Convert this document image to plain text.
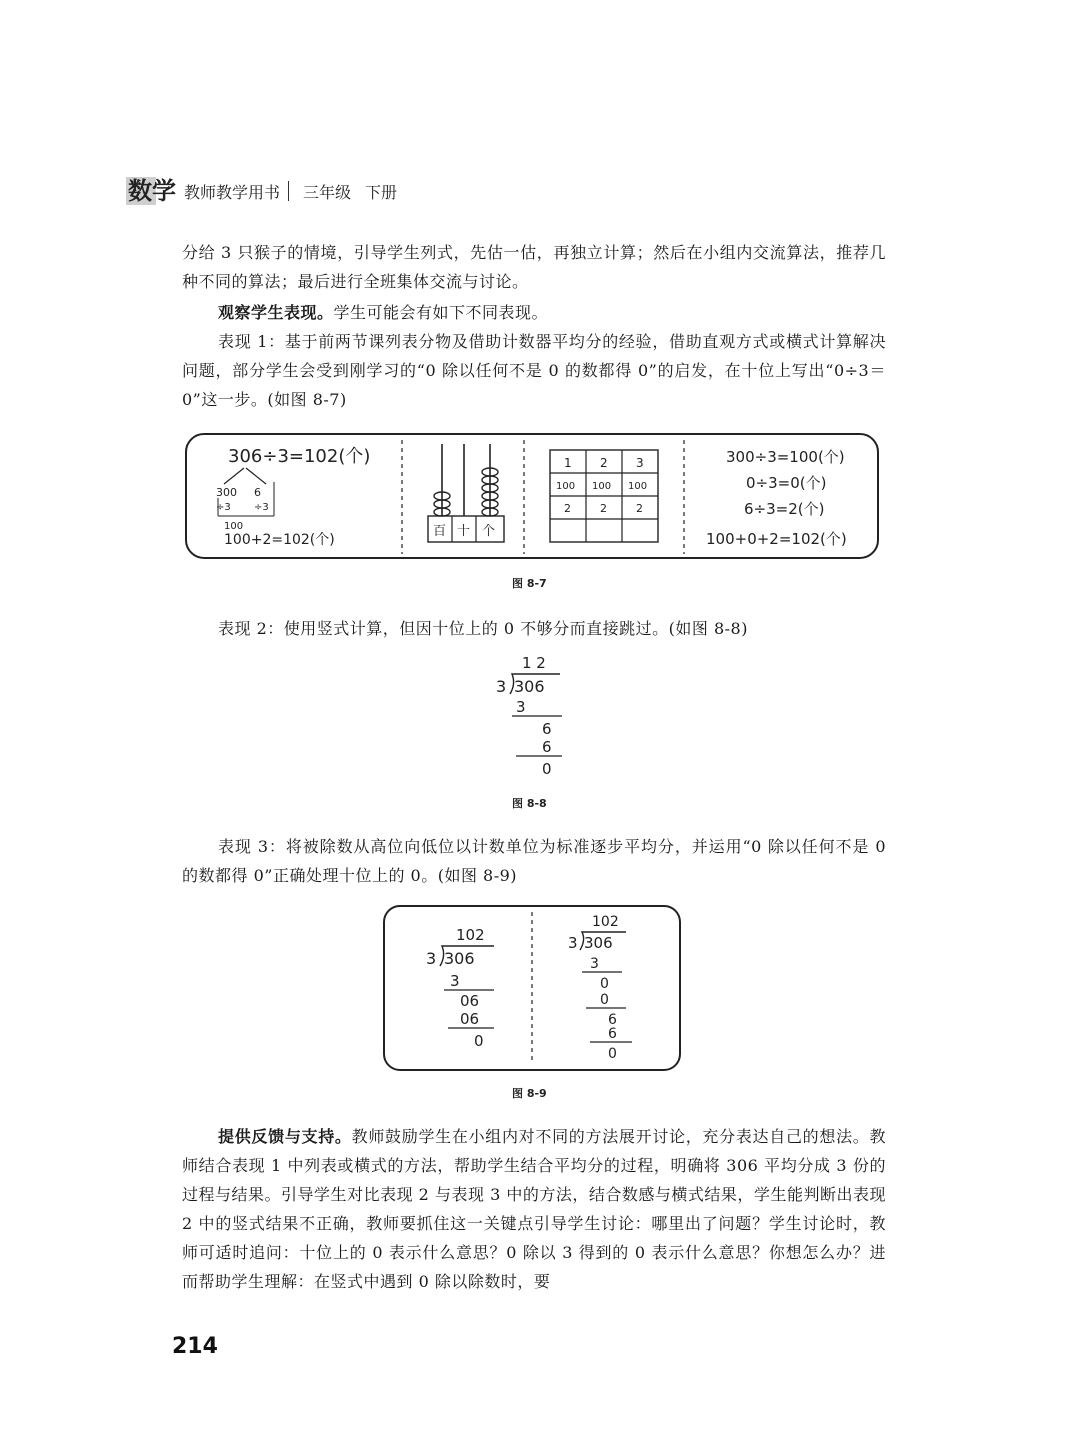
数学 教师教学用书 三年级 下册

分给 3 只猴子的情境，引导学生列式，先估一估，再独立计算；然后在小组内交流算法，推荐几种不同的算法；最后进行全班集体交流与讨论。

观察学生表现。学生可能会有如下不同表现。

表现 1：基于前两节课列表分物及借助计数器平均分的经验，借助直观方式或横式计算解决问题，部分学生会受到刚学习的“0 除以任何不是 0 的数都得 0”的启发，在十位上写出“0÷3＝0”这一步。(如图 8-7)

306÷3=102(个)
300 6
÷3 ÷3
100
100+2=102(个)
百 十 个
1 2 3
100 100 100
2	2	2
300÷3=100(个)
0÷3=0(个)
6÷3=2(个)
100+0+2=102(个)
图 8-7

表现 2：使用竖式计算，但因十位上的 0 不够分而直接跳过。(如图 8-8)

1 2
3 306
3
6
6
0
图 8-8

表现 3：将被除数从高位向低位以计数单位为标准逐步平均分，并运用“0 除以任何不是 0 的数都得 0”正确处理十位上的 0。(如图 8-9)

102
3 306
3
06
06
0
102
3 306
3
0
0
6
6
0
图 8-9

提供反馈与支持。教师鼓励学生在小组内对不同的方法展开讨论，充分表达自己的想法。教师结合表现 1 中列表或横式的方法，帮助学生结合平均分的过程，明确将 306 平均分成 3 份的过程与结果。引导学生对比表现 2 与表现 3 中的方法，结合数感与横式结果，学生能判断出表现 2 中的竖式结果不正确，教师要抓住这一关键点引导学生讨论：哪里出了问题？学生讨论时，教师可适时追问：十位上的 0 表示什么意思？0 除以 3 得到的 0 表示什么意思？你想怎么办？进而帮助学生理解：在竖式中遇到 0 除以除数时，要

214
